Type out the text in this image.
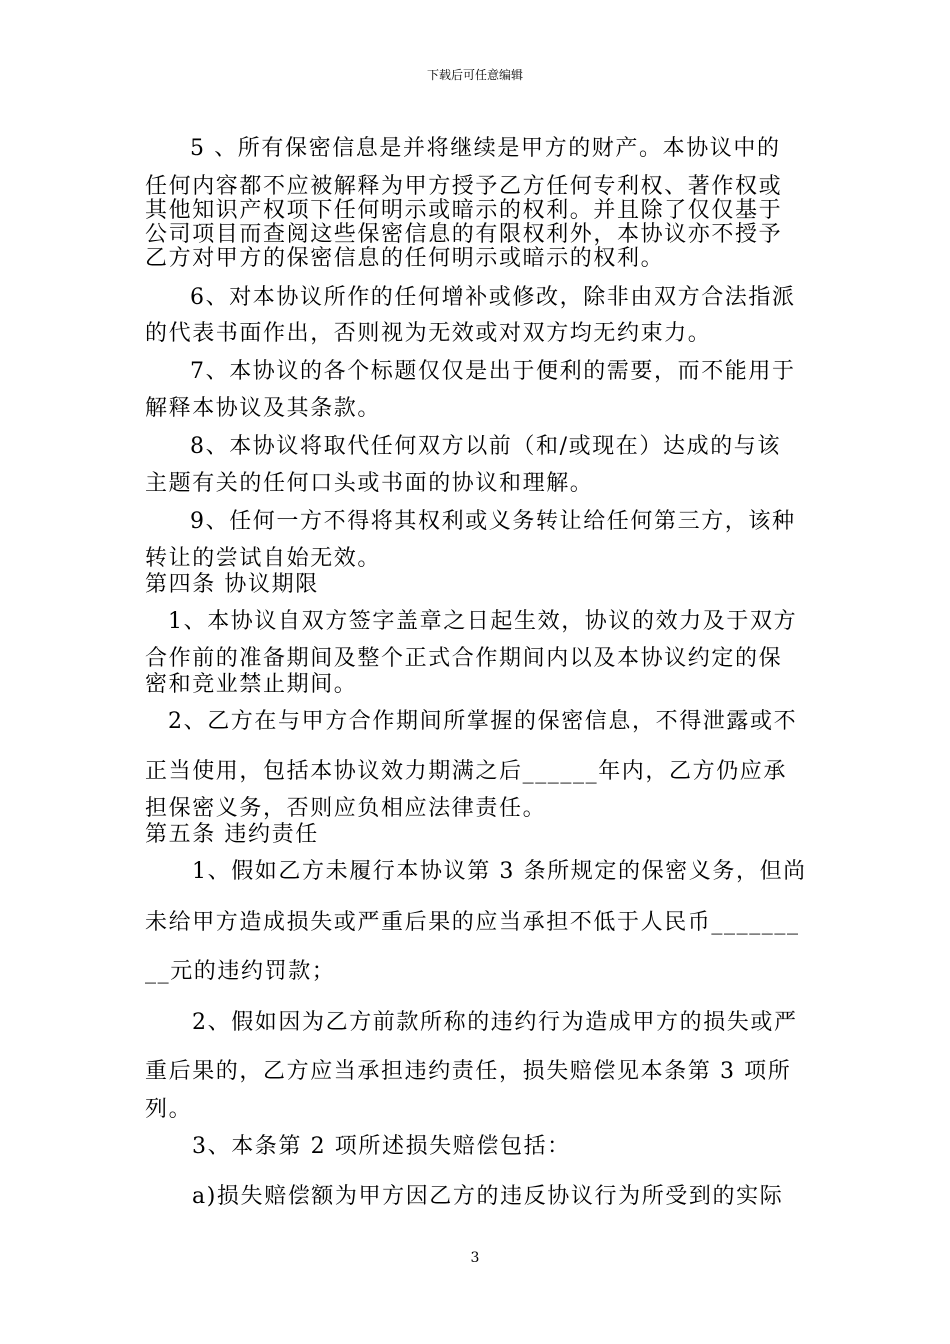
下载后可任意编辑
5 、所有保密信息是并将继续是甲方的财产。本协议中的
任何内容都不应被解释为甲方授予乙方任何专利权、著作权或
其他知识产权项下任何明示或暗示的权利。并且除了仅仅基于
公司项目而查阅这些保密信息的有限权利外，本协议亦不授予
乙方对甲方的保密信息的任何明示或暗示的权利。
6、对本协议所作的任何增补或修改，除非由双方合法指派
的代表书面作出，否则视为无效或对双方均无约束力。
7、本协议的各个标题仅仅是出于便利的需要，而不能用于
解释本协议及其条款。
8、本协议将取代任何双方以前（和/或现在）达成的与该
主题有关的任何口头或书面的协议和理解。
9、任何一方不得将其权利或义务转让给任何第三方，该种
转让的尝试自始无效。
第四条 协议期限
1、本协议自双方签字盖章之日起生效，协议的效力及于双方
合作前的准备期间及整个正式合作期间内以及本协议约定的保
密和竞业禁止期间。
2、乙方在与甲方合作期间所掌握的保密信息，不得泄露或不
正当使用，包括本协议效力期满之后______年内，乙方仍应承
担保密义务，否则应负相应法律责任。
第五条 违约责任
1、假如乙方未履行本协议第 3 条所规定的保密义务，但尚
未给甲方造成损失或严重后果的应当承担不低于人民币_______
__元的违约罚款；
2、假如因为乙方前款所称的违约行为造成甲方的损失或严
重后果的，乙方应当承担违约责任，损失赔偿见本条第 3 项所
列。
3、本条第 2 项所述损失赔偿包括：
a)损失赔偿额为甲方因乙方的违反协议行为所受到的实际
3
